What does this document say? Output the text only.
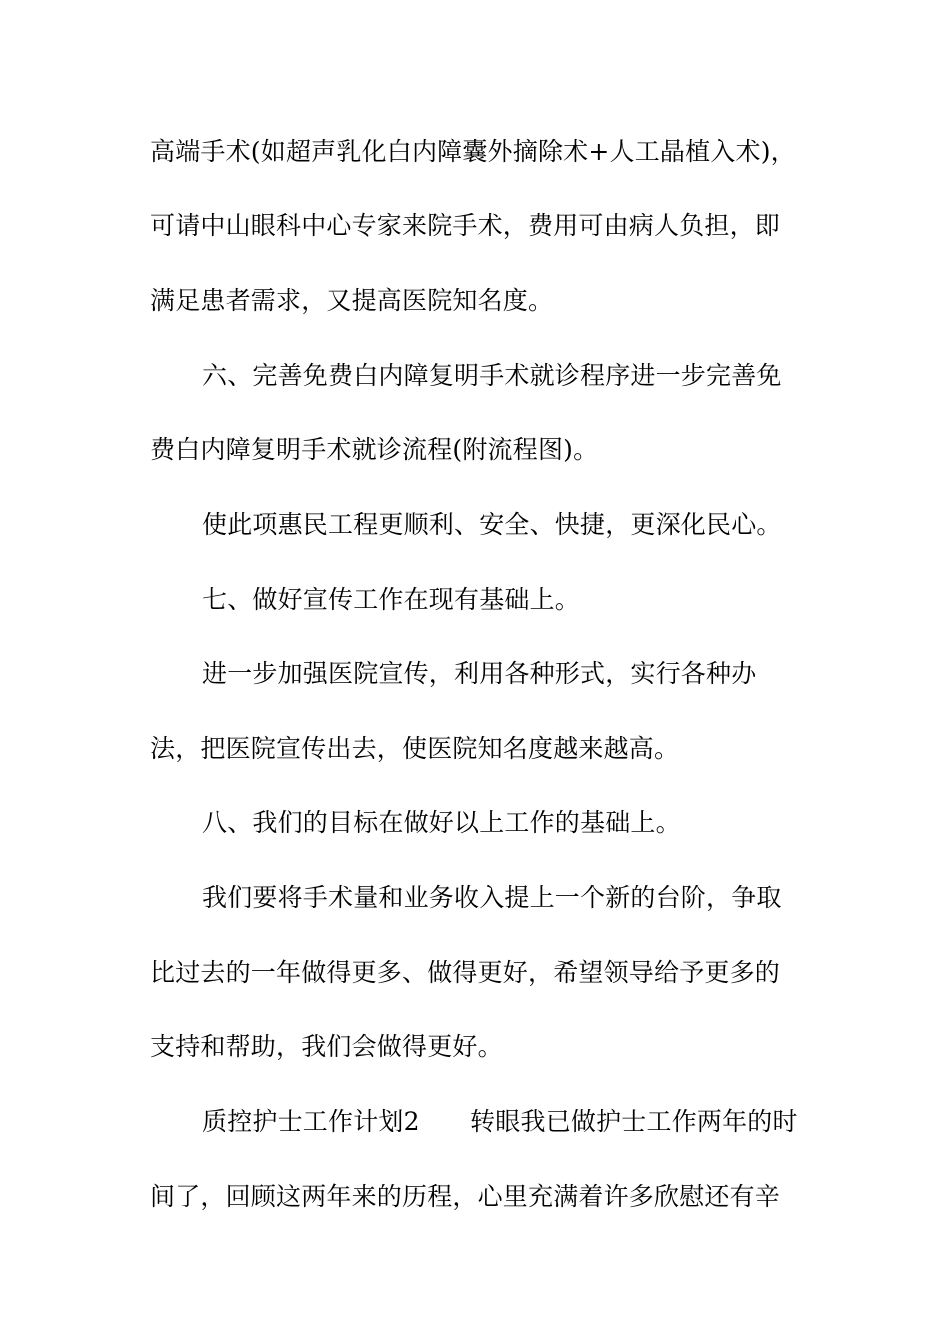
高端手术(如超声乳化白内障囊外摘除术+人工晶植入术)，
可请中山眼科中心专家来院手术，费用可由病人负担，即
满足患者需求，又提高医院知名度。
六、完善免费白内障复明手术就诊程序进一步完善免
费白内障复明手术就诊流程(附流程图)。
使此项惠民工程更顺利、安全、快捷，更深化民心。
七、做好宣传工作在现有基础上。
进一步加强医院宣传，利用各种形式，实行各种办
法，把医院宣传出去，使医院知名度越来越高。
八、我们的目标在做好以上工作的基础上。
我们要将手术量和业务收入提上一个新的台阶，争取
比过去的一年做得更多、做得更好，希望领导给予更多的
支持和帮助，我们会做得更好。
质控护士工作计划2　　转眼我已做护士工作两年的时
间了，回顾这两年来的历程，心里充满着许多欣慰还有辛
